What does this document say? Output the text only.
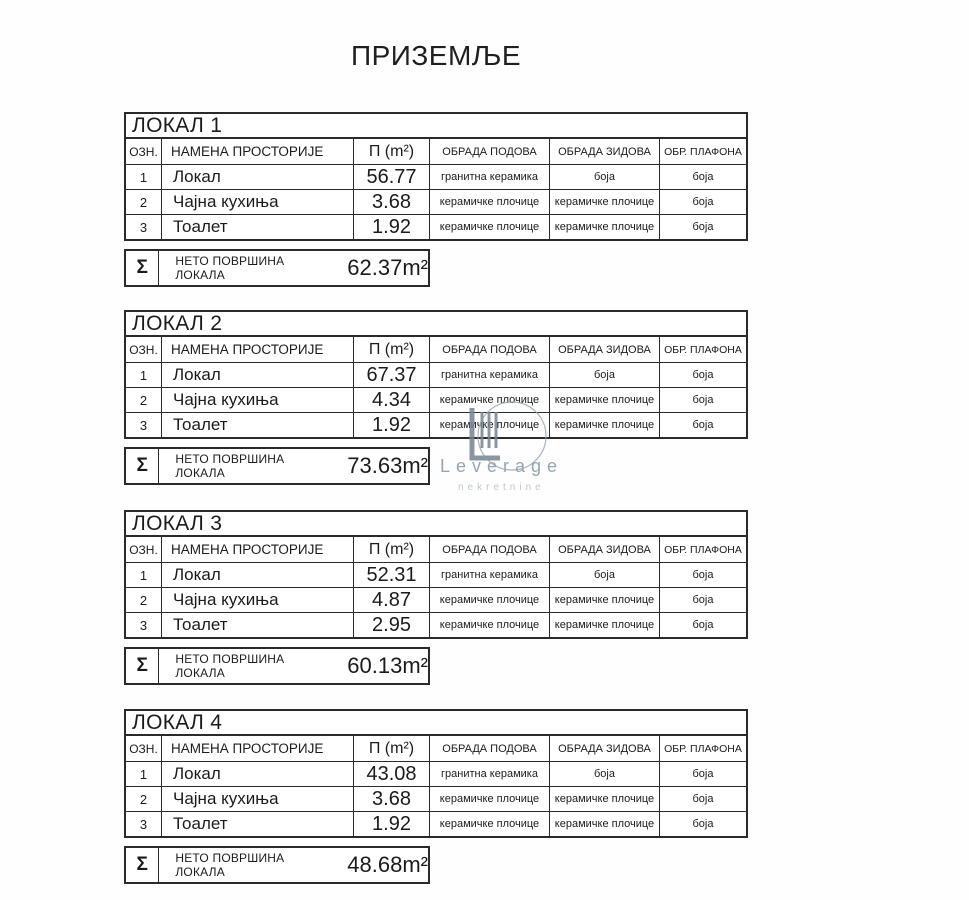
ПРИЗЕМЉЕ
ЛОКАЛ 1
ОЗН. НАМЕНА ПРОСТОРИЈЕ	П (m²)	ОБРАДА ПОДОВА	ОБРАДА ЗИДОВА	ОБР. ПЛАФОНА
1	Локал	56.77	гранитна керамика	боја	боја
2	Чајна кухиња	3.68	керамичке плочице	керамичке плочице	боја
3	Тоалет	1.92	керамичке плочице	керамичке плочице	боја
Σ	НЕТО ПОВРШИНА ЛОКАЛА	62.37m²
ЛОКАЛ 2
ОЗН. НАМЕНА ПРОСТОРИЈЕ	П (m²)	ОБРАДА ПОДОВА	ОБРАДА ЗИДОВА	ОБР. ПЛАФОНА
1	Локал	67.37	гранитна керамика	боја	боја
2	Чајна кухиња	4.34	керамичке плочице	керамичке плочице	боја
3	Тоалет	1.92	керамичке плочице	керамичке плочице	боја
Σ	НЕТО ПОВРШИНА ЛОКАЛА	73.63m²
ЛОКАЛ 3
ОЗН. НАМЕНА ПРОСТОРИЈЕ	П (m²)	ОБРАДА ПОДОВА	ОБРАДА ЗИДОВА	ОБР. ПЛАФОНА
1	Локал	52.31	гранитна керамика	боја	боја
2	Чајна кухиња	4.87	керамичке плочице	керамичке плочице	боја
3	Тоалет	2.95	керамичке плочице	керамичке плочице	боја
Σ	НЕТО ПОВРШИНА ЛОКАЛА	60.13m²
ЛОКАЛ 4
ОЗН. НАМЕНА ПРОСТОРИЈЕ	П (m²)	ОБРАДА ПОДОВА	ОБРАДА ЗИДОВА	ОБР. ПЛАФОНА
1	Локал	43.08	гранитна керамика	боја	боја
2	Чајна кухиња	3.68	керамичке плочице	керамичке плочице	боја
3	Тоалет	1.92	керамичке плочице	керамичке плочице	боја
Σ	НЕТО ПОВРШИНА ЛОКАЛА	48.68m²
Leverage
nekretnine
